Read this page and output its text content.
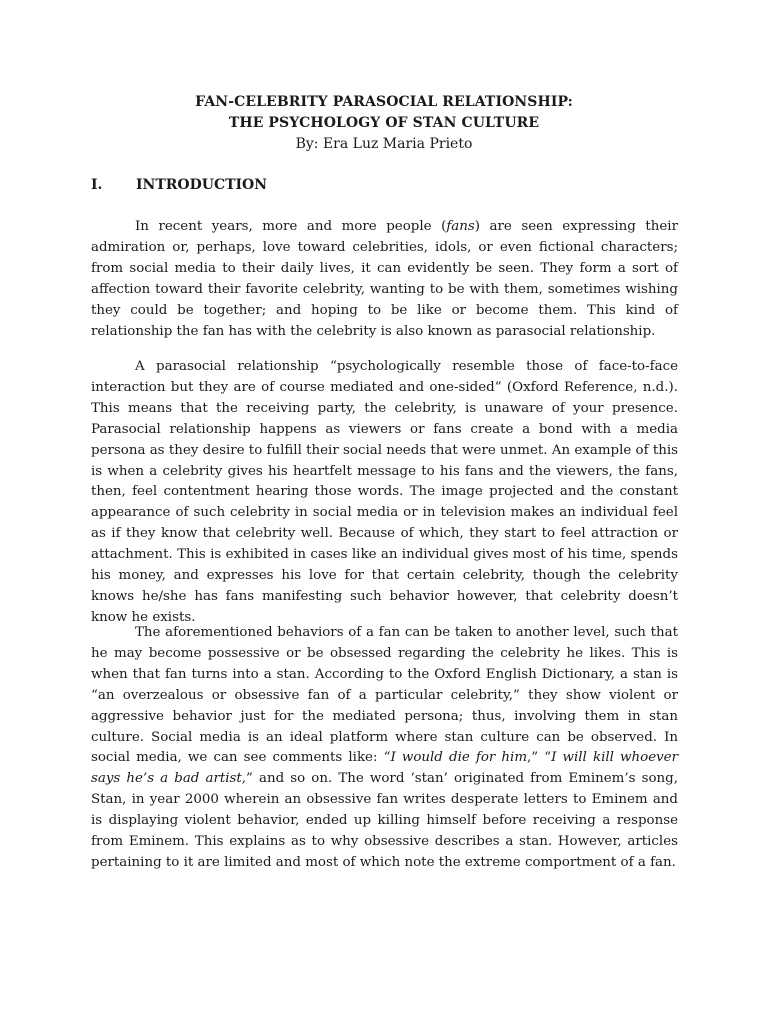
FAN-CELEBRITY PARASOCIAL RELATIONSHIP:
THE PSYCHOLOGY OF STAN CULTURE
By: Era Luz Maria Prieto
I. INTRODUCTION

In recent years, more and more people (fans) are seen expressing their admiration or, perhaps, love toward celebrities, idols, or even fictional characters; from social media to their daily lives, it can evidently be seen. They form a sort of affection toward their favorite celebrity, wanting to be with them, sometimes wishing they could be together; and hoping to be like or become them. This kind of relationship the fan has with the celebrity is also known as parasocial relationship.

A parasocial relationship “psychologically resemble those of face-to-face interaction but they are of course mediated and one-sided” (Oxford Reference, n.d.). This means that the receiving party, the celebrity, is unaware of your presence. Parasocial relationship happens as viewers or fans create a bond with a media persona as they desire to fulfill their social needs that were unmet. An example of this is when a celebrity gives his heartfelt message to his fans and the viewers, the fans, then, feel contentment hearing those words. The image projected and the constant appearance of such celebrity in social media or in television makes an individual feel as if they know that celebrity well. Because of which, they start to feel attraction or attachment. This is exhibited in cases like an individual gives most of his time, spends his money, and expresses his love for that certain celebrity, though the celebrity knows he/she has fans manifesting such behavior however, that celebrity doesn’t know he exists.

The aforementioned behaviors of a fan can be taken to another level, such that he may become possessive or be obsessed regarding the celebrity he likes. This is when that fan turns into a stan. According to the Oxford English Dictionary, a stan is “an overzealous or obsessive fan of a particular celebrity,” they show violent or aggressive behavior just for the mediated persona; thus, involving them in stan culture. Social media is an ideal platform where stan culture can be observed. In social media, we can see comments like: “I would die for him,” “I will kill whoever says he’s a bad artist,” and so on. The word ‘stan’ originated from Eminem’s song, Stan, in year 2000 wherein an obsessive fan writes desperate letters to Eminem and is displaying violent behavior, ended up killing himself before receiving a response from Eminem. This explains as to why obsessive describes a stan. However, articles pertaining to it are limited and most of which note the extreme comportment of a fan.
